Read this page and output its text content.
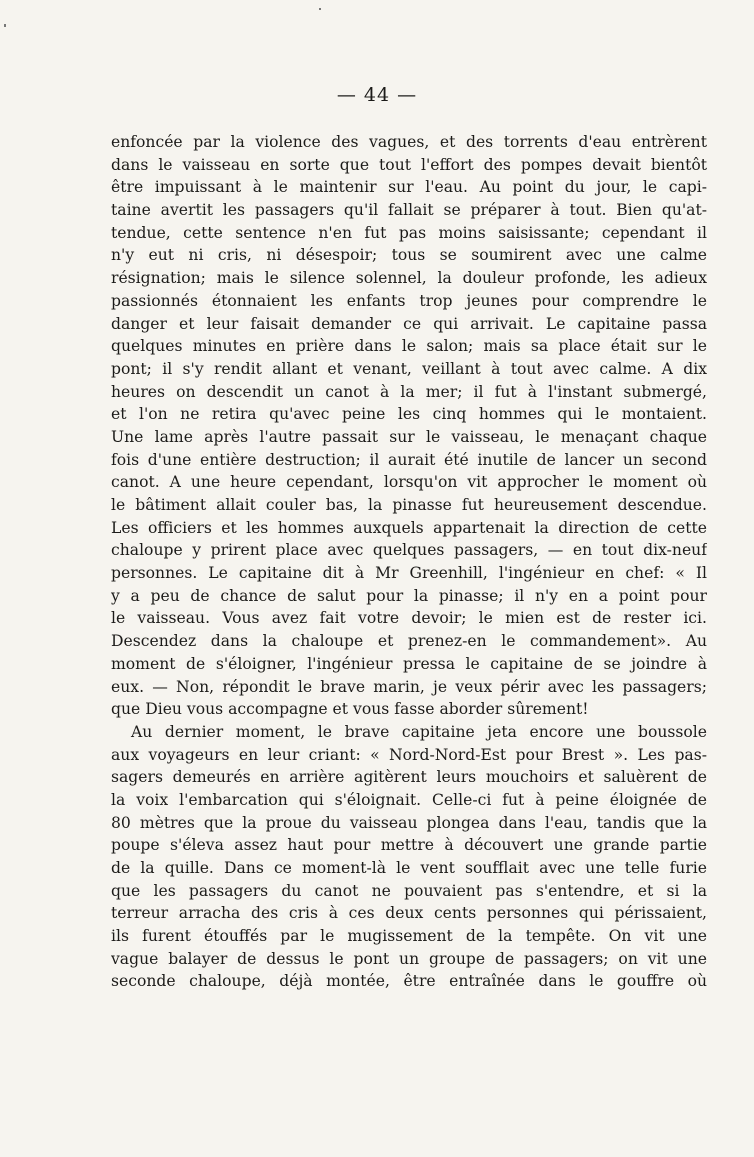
— 44 —
enfoncée par la violence des vagues, et des torrents d'eau entrèrent
dans le vaisseau en sorte que tout l'effort des pompes devait bientôt
être impuissant à le maintenir sur l'eau. Au point du jour, le capi-
taine avertit les passagers qu'il fallait se préparer à tout. Bien qu'at-
tendue, cette sentence n'en fut pas moins saisissante; cependant il
n'y eut ni cris, ni désespoir; tous se soumirent avec une calme
résignation; mais le silence solennel, la douleur profonde, les adieux
passionnés étonnaient les enfants trop jeunes pour comprendre le
danger et leur faisait demander ce qui arrivait. Le capitaine passa
quelques minutes en prière dans le salon; mais sa place était sur le
pont; il s'y rendit allant et venant, veillant à tout avec calme. A dix
heures on descendit un canot à la mer; il fut à l'instant submergé,
et l'on ne retira qu'avec peine les cinq hommes qui le montaient.
Une lame après l'autre passait sur le vaisseau, le menaçant chaque
fois d'une entière destruction; il aurait été inutile de lancer un second
canot. A une heure cependant, lorsqu'on vit approcher le moment où
le bâtiment allait couler bas, la pinasse fut heureusement descendue.
Les officiers et les hommes auxquels appartenait la direction de cette
chaloupe y prirent place avec quelques passagers, — en tout dix-neuf
personnes. Le capitaine dit à Mr Greenhill, l'ingénieur en chef: « Il
y a peu de chance de salut pour la pinasse; il n'y en a point pour
le vaisseau. Vous avez fait votre devoir; le mien est de rester ici.
Descendez dans la chaloupe et prenez-en le commandement». Au
moment de s'éloigner, l'ingénieur pressa le capitaine de se joindre à
eux. — Non, répondit le brave marin, je veux périr avec les passagers;
que Dieu vous accompagne et vous fasse aborder sûrement!
Au dernier moment, le brave capitaine jeta encore une boussole
aux voyageurs en leur criant: « Nord-Nord-Est pour Brest ». Les pas-
sagers demeurés en arrière agitèrent leurs mouchoirs et saluèrent de
la voix l'embarcation qui s'éloignait. Celle-ci fut à peine éloignée de
80 mètres que la proue du vaisseau plongea dans l'eau, tandis que la
poupe s'éleva assez haut pour mettre à découvert une grande partie
de la quille. Dans ce moment-là le vent soufflait avec une telle furie
que les passagers du canot ne pouvaient pas s'entendre, et si la
terreur arracha des cris à ces deux cents personnes qui périssaient,
ils furent étouffés par le mugissement de la tempête. On vit une
vague balayer de dessus le pont un groupe de passagers; on vit une
seconde chaloupe, déjà montée, être entraînée dans le gouffre où
